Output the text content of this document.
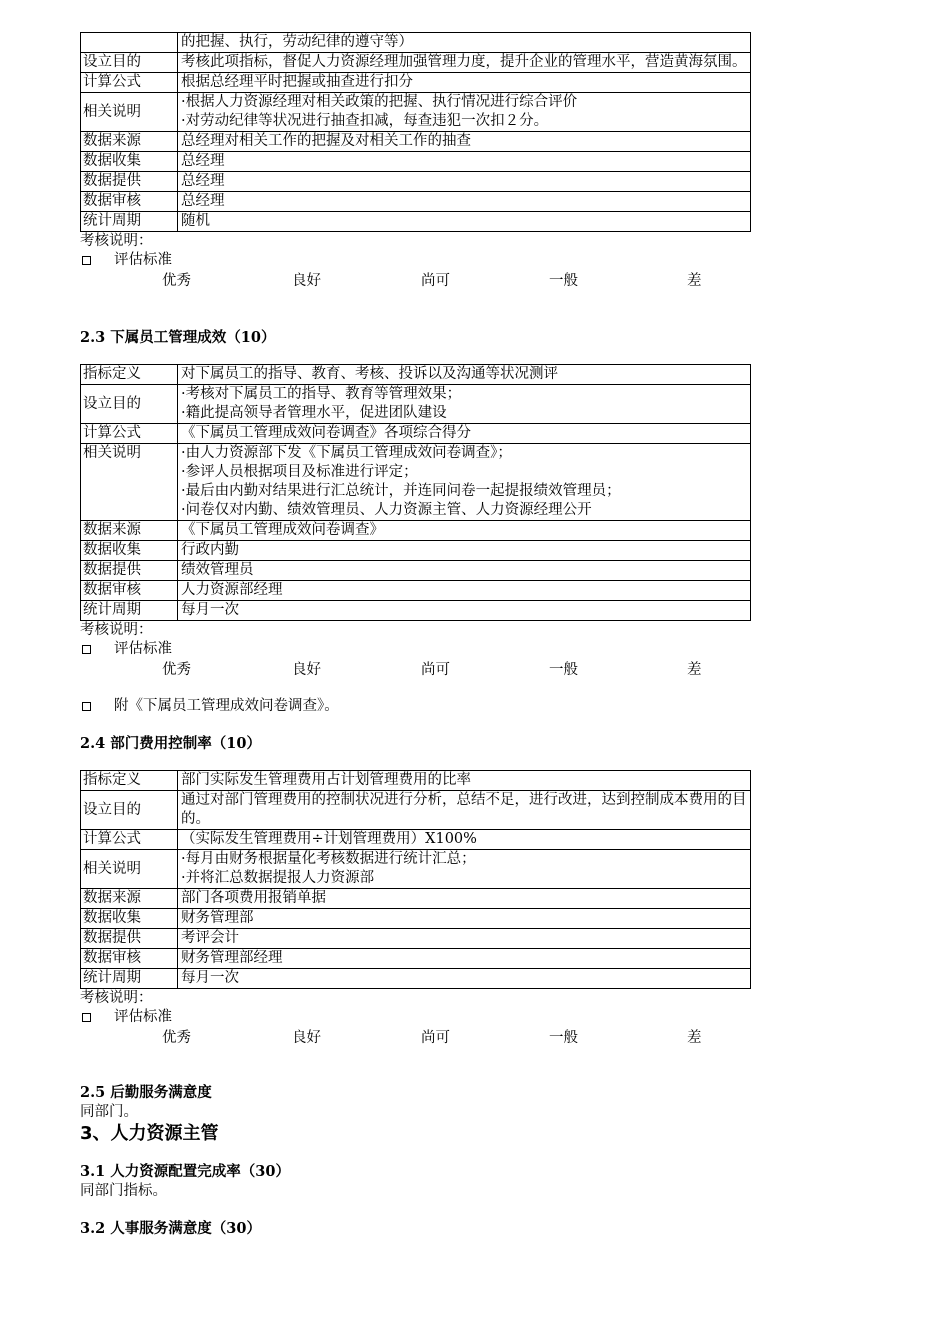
	的把握、执行，劳动纪律的遵守等）

设立目的	考核此项指标，督促人力资源经理加强管理力度，提升企业的管理水平，营造黄海氛围。

计算公式	根据总经理平时把握或抽查进行扣分

相关说明	·根据人力资源经理对相关政策的把握、执行情况进行综合评价
·对劳动纪律等状况进行抽查扣减，每查违犯一次扣２分。

数据来源	总经理对相关工作的把握及对相关工作的抽查

数据收集	总经理

数据提供	总经理

数据审核	总经理

统计周期	随机
考核说明：
评估标准
优秀	良好	尚可	一般	差
2.3 下属员工管理成效（10）
指标定义	对下属员工的指导、教育、考核、投诉以及沟通等状况测评

设立目的	·考核对下属员工的指导、教育等管理效果；
·籍此提高领导者管理水平，促进团队建设

计算公式	《下属员工管理成效问卷调查》各项综合得分

相关说明	·由人力资源部下发《下属员工管理成效问卷调查》；
·参评人员根据项目及标准进行评定；
·最后由内勤对结果进行汇总统计，并连同问卷一起提报绩效管理员；
·问卷仅对内勤、绩效管理员、人力资源主管、人力资源经理公开

数据来源	《下属员工管理成效问卷调查》

数据收集	行政内勤

数据提供	绩效管理员

数据审核	人力资源部经理

统计周期	每月一次
考核说明：
评估标准
优秀	良好	尚可	一般	差
附《下属员工管理成效问卷调查》。
2.4 部门费用控制率（10）
指标定义	部门实际发生管理费用占计划管理费用的比率

设立目的	通过对部门管理费用的控制状况进行分析，总结不足，进行改进，达到控制成本费用的目的。

计算公式	（实际发生管理费用÷计划管理费用）X100%

相关说明	·每月由财务根据量化考核数据进行统计汇总；
·并将汇总数据提报人力资源部

数据来源	部门各项费用报销单据

数据收集	财务管理部

数据提供	考评会计

数据审核	财务管理部经理

统计周期	每月一次
考核说明：
评估标准
优秀	良好	尚可	一般	差
2.5 后勤服务满意度
同部门。
3、人力资源主管
3.1 人力资源配置完成率（30）
同部门指标。
3.2 人事服务满意度（30）
